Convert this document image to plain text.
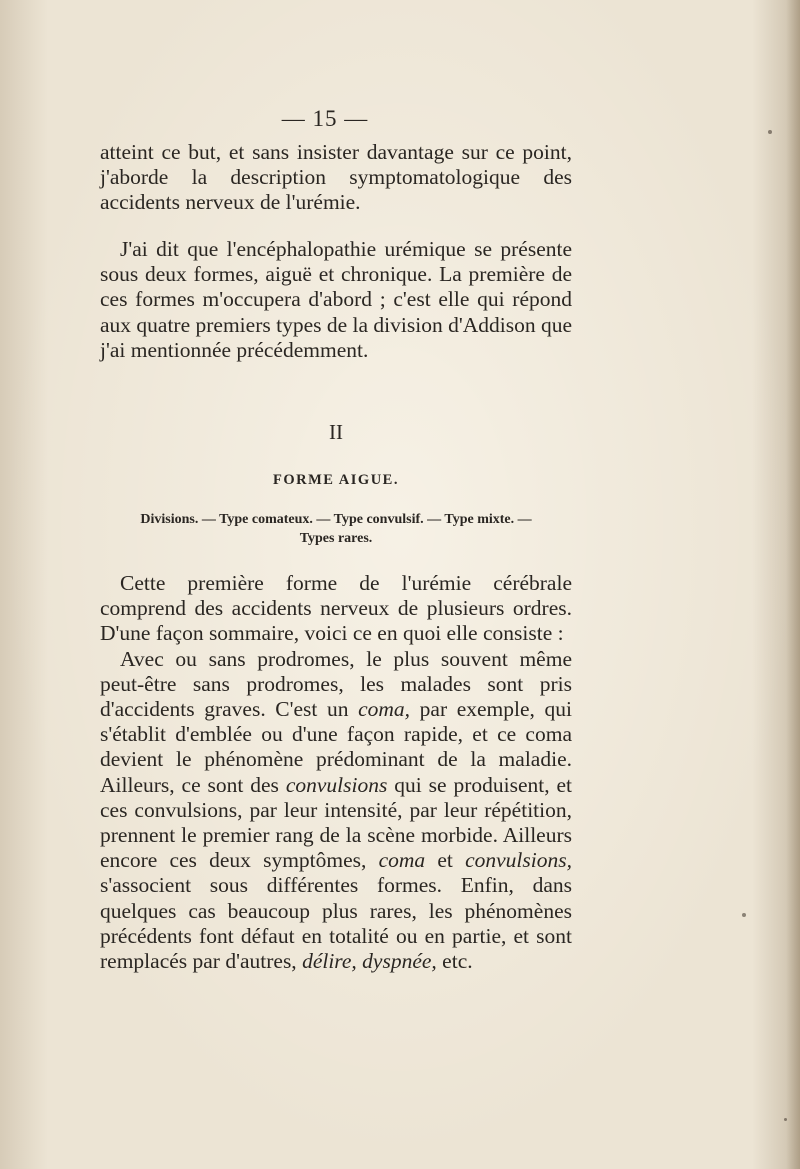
— 15 —

atteint ce but, et sans insister davantage sur ce point, j'aborde la description symptomatologique des accidents nerveux de l'urémie.

J'ai dit que l'encéphalopathie urémique se présente sous deux formes, aiguë et chronique. La première de ces formes m'occupera d'abord ; c'est elle qui répond aux quatre premiers types de la division d'Addison que j'ai mentionnée précédemment.

II
FORME AIGUE.
Divisions. — Type comateux. — Type convulsif. — Type mixte. — Types rares.

Cette première forme de l'urémie cérébrale comprend des accidents nerveux de plusieurs ordres. D'une façon sommaire, voici ce en quoi elle consiste :

Avec ou sans prodromes, le plus souvent même peut-être sans prodromes, les malades sont pris d'accidents graves. C'est un coma, par exemple, qui s'établit d'emblée ou d'une façon rapide, et ce coma devient le phénomène prédominant de la maladie. Ailleurs, ce sont des convulsions qui se produisent, et ces convulsions, par leur intensité, par leur répétition, prennent le premier rang de la scène morbide. Ailleurs encore ces deux symptômes, coma et convulsions, s'associent sous différentes formes. Enfin, dans quelques cas beaucoup plus rares, les phénomènes précédents font défaut en totalité ou en partie, et sont remplacés par d'autres, délire, dyspnée, etc.
